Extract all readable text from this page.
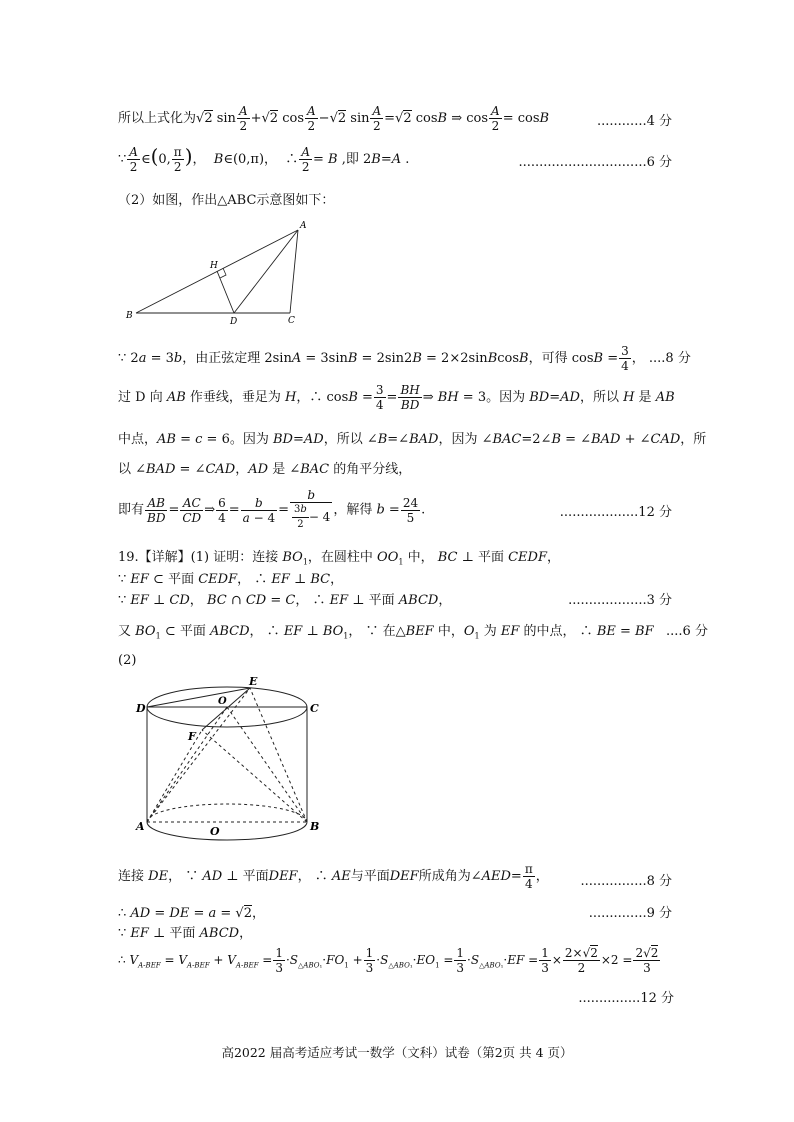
所以上式化为√2 $\sin \frac{A}{2} +√2$ $\cos \frac{A}{2} -√2$ $\sin \frac{A}{2} =√2$ cosB ⇒ $\cos \frac{A}{2} = \cos B$	............4 分
∵ $\frac{A}{2}$ ∈(0, $\frac{\pi}{2}$ )，  B∈(0,π)，  ∴ $\frac{A}{2} = B$ ,即 2B=A .	...............................6 分
（2）如图，作出△ABC示意图如下：
A
B	C
D
H
∵ 2a = 3b，由正弦定理 2sinA = 3sinB = 2sin2B = 2×2sinBcosB，可得 $\cos B = \frac{3}{4}$ ， ....8 分
过 D 向 AB 作垂线，垂足为 H，∴ $\cos B = \frac{3}{4} = \frac{BH}{BD}$ ⇒ BH = 3。因为 BD=AD，所以 H 是 AB
中点，AB = c = 6。因为 BD=AD，所以 ∠B=∠BAD，因为 ∠BAC=2∠B = ∠BAD + ∠CAD，所
以 ∠BAD = ∠CAD，AD 是 ∠BAC 的角平分线，
即有 $\frac{AB}{BD} = \frac{AC}{CD}$ ⇒ $\frac{6}{4} = \frac{b}{a - 4} = \frac{b}{\frac{3b}{2} - 4}$ ，解得 $b = \frac{24}{5}$ .	...................12 分
19.【详解】(1) 证明：连接 $BO_1$，在圆柱中 $OO_1$ 中， BC ⊥ 平面 CEDF，
∵ EF ⊂ 平面 CEDF， ∴ EF ⊥ BC，
∵ EF ⊥ CD， BC ∩ CD = C， ∴ EF ⊥ 平面 ABCD，	...................3 分
又 $BO_1$ ⊂ 平面 ABCD， ∴ EF ⊥ $BO_1$， ∵ 在△BEF 中，$O_1$ 为 EF 的中点， ∴ BE = BF   ....6 分
(2)
D	C
E
F
O
A	B
O
连接 DE， ∵ AD ⊥ 平面DEF， ∴ AE与平面DEF所成角为∠AED= $\frac{\pi}{4}$ ， ................8 分
∴ AD = DE = a = √2，	..............9 分
∵ EF ⊥ 平面 ABCD，
∴ $V_{A-BEF} = V_{A-BEF} + V_{A-BEF} = \frac{1}{3} \cdot S_{\triangle ABO_1}\cdot FO_1 + \frac{1}{3} \cdot S_{\triangle ABO_1}\cdot EO_1 = \frac{1}{3} \cdot S_{\triangle ABO_1}\cdot EF = \frac{1}{3} \times \frac{2\times√2}{2} \times 2 = \frac{2√2}{3}$
...............12 分
高2022 届高考适应考试一数学（文科）试卷（第2页 共 4 页）
